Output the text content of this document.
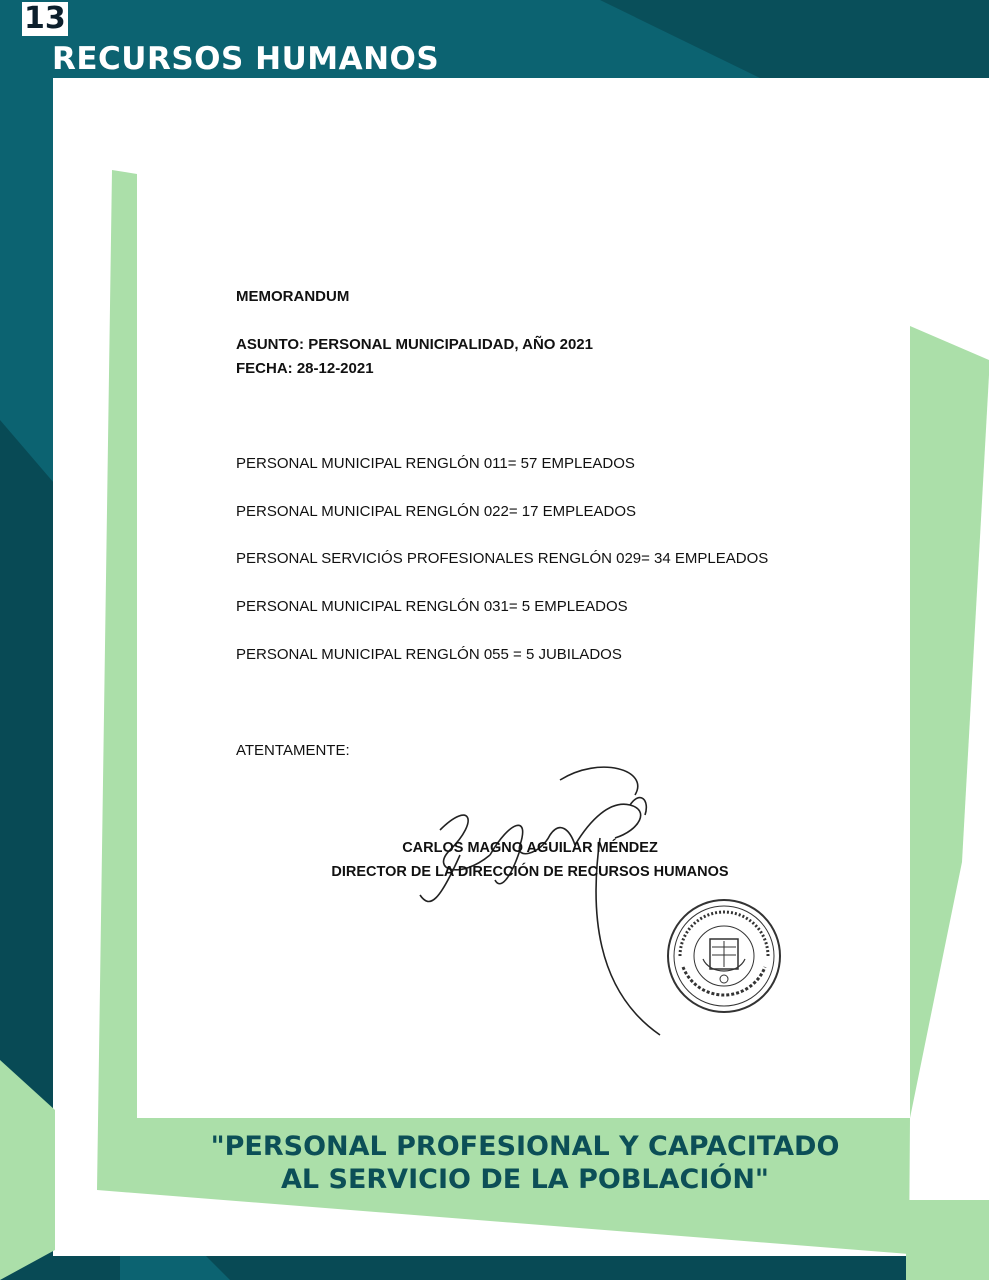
13
RECURSOS HUMANOS
MEMORANDUM
ASUNTO: PERSONAL MUNICIPALIDAD, AÑO 2021
FECHA: 28-12-2021
PERSONAL MUNICIPAL RENGLÓN 011= 57 EMPLEADOS
PERSONAL MUNICIPAL RENGLÓN 022= 17 EMPLEADOS
PERSONAL SERVICIÓS PROFESIONALES RENGLÓN 029= 34 EMPLEADOS
PERSONAL MUNICIPAL RENGLÓN 031= 5 EMPLEADOS
PERSONAL MUNICIPAL RENGLÓN 055 = 5 JUBILADOS
ATENTAMENTE:
CARLOS MAGNO AGUILAR MÉNDEZ
DIRECTOR DE LA DIRECCIÓN DE RECURSOS HUMANOS
"PERSONAL PROFESIONAL Y CAPACITADO
AL SERVICIO DE LA POBLACIÓN"
